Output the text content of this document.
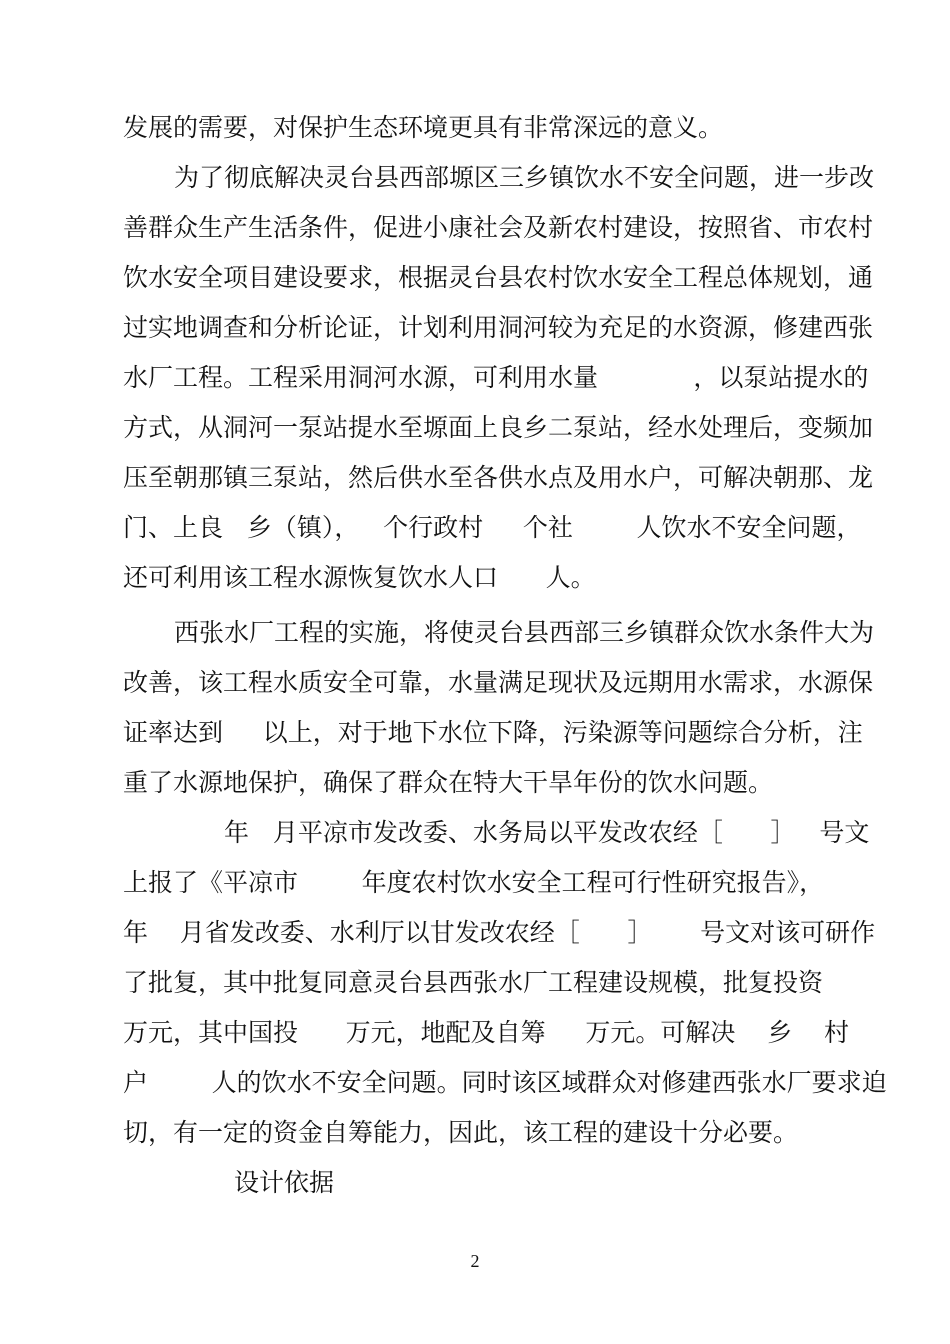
发展的需要，对保护生态环境更具有非常深远的意义。

为了彻底解决灵台县西部塬区三乡镇饮水不安全问题，进一步改

善群众生产生活条件，促进小康社会及新农村建设，按照省、市农村

饮水安全项目建设要求，根据灵台县农村饮水安全工程总体规划，通

过实地调查和分析论证，计划利用洞河较为充足的水资源，修建西张

水厂工程。工程采用洞河水源，可利用水量            ，以泵站提水的

方式，从洞河一泵站提水至塬面上良乡二泵站，经水处理后，变频加

压至朝那镇三泵站，然后供水至各供水点及用水户，可解决朝那、龙

门、上良   乡（镇），   个行政村     个社        人饮水不安全问题，

还可利用该工程水源恢复饮水人口      人。

西张水厂工程的实施，将使灵台县西部三乡镇群众饮水条件大为

改善，该工程水质安全可靠，水量满足现状及远期用水需求，水源保

证率达到     以上，对于地下水位下降，污染源等问题综合分析，注

重了水源地保护，确保了群众在特大干旱年份的饮水问题。

年   月平凉市发改委、水务局以平发改农经［      ］   号文

上报了《平凉市        年度农村饮水安全工程可行性研究报告》，

年    月省发改委、水利厅以甘发改农经［      ］      号文对该可研作

了批复，其中批复同意灵台县西张水厂工程建设规模，批复投资

万元，其中国投      万元，地配及自筹     万元。可解决    乡    村

户        人的饮水不安全问题。同时该区域群众对修建西张水厂要求迫

切，有一定的资金自筹能力，因此，该工程的建设十分必要。

设计依据

2
